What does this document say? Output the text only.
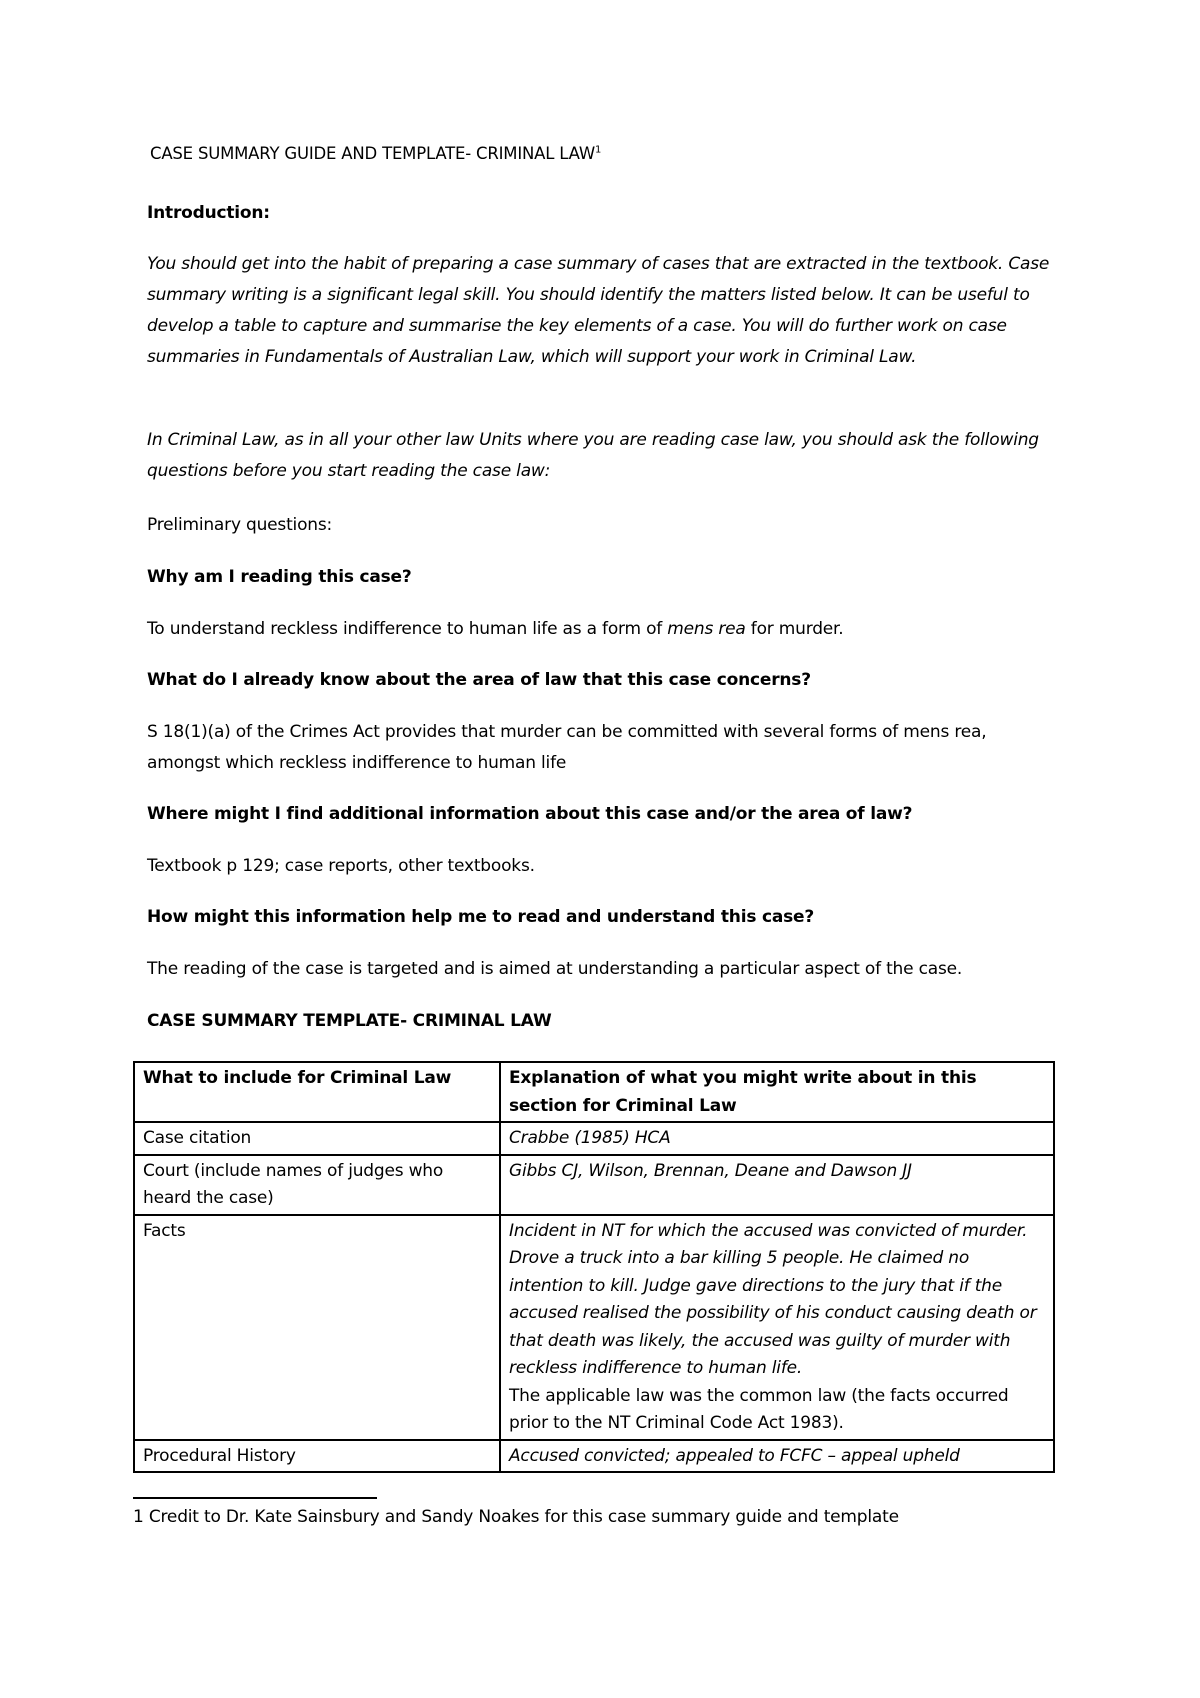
CASE SUMMARY GUIDE AND TEMPLATE- CRIMINAL LAW$^1$

Introduction:

You should get into the habit of preparing a case summary of cases that are extracted in the textbook. Case summary writing is a significant legal skill. You should identify the matters listed below. It can be useful to develop a table to capture and summarise the key elements of a case. You will do further work on case summaries in Fundamentals of Australian Law, which will support your work in Criminal Law.

In Criminal Law, as in all your other law Units where you are reading case law, you should ask the following questions before you start reading the case law:

Preliminary questions:

Why am I reading this case?

To understand reckless indifference to human life as a form of mens rea for murder.

What do I already know about the area of law that this case concerns?

S 18(1)(a) of the Crimes Act provides that murder can be committed with several forms of mens rea, amongst which reckless indifference to human life

Where might I find additional information about this case and/or the area of law?

Textbook p 129; case reports, other textbooks.

How might this information help me to read and understand this case?

The reading of the case is targeted and is aimed at understanding a particular aspect of the case.

CASE SUMMARY TEMPLATE- CRIMINAL LAW

What to include for Criminal Law	Explanation of what you might write about in this section for Criminal Law
Case citation	Crabbe (1985) HCA
Court (include names of judges who heard the case)	Gibbs CJ, Wilson, Brennan, Deane and Dawson JJ
Facts	Incident in NT for which the accused was convicted of murder. Drove a truck into a bar killing 5 people. He claimed no intention to kill. Judge gave directions to the jury that if the accused realised the possibility of his conduct causing death or that death was likely, the accused was guilty of murder with reckless indifference to human life.
The applicable law was the common law (the facts occurred prior to the NT Criminal Code Act 1983).

Procedural History	Accused convicted; appealed to FCFC – appeal upheld

1 Credit to Dr. Kate Sainsbury and Sandy Noakes for this case summary guide and template
